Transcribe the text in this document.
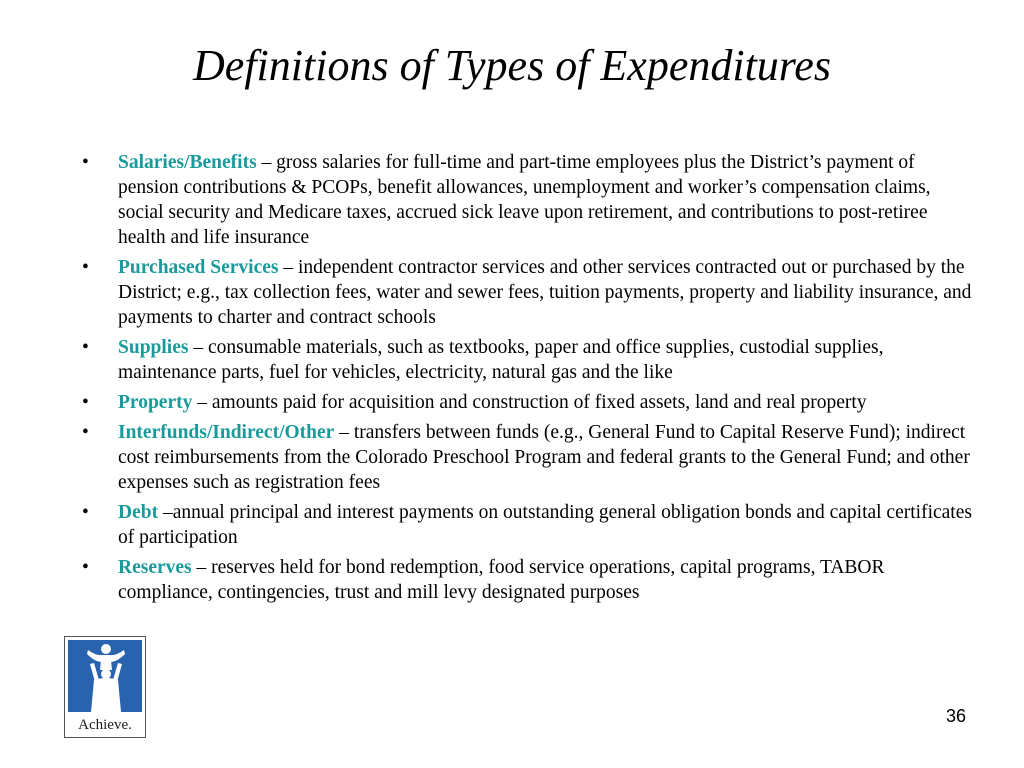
Definitions of Types of Expenditures
• Salaries/Benefits – gross salaries for full-time and part-time employees plus the District’s payment of pension contributions & PCOPs, benefit allowances, unemployment and worker’s compensation claims, social security and Medicare taxes, accrued sick leave upon retirement, and contributions to post-retiree health and life insurance
• Purchased Services – independent contractor services and other services contracted out or purchased by the District; e.g., tax collection fees, water and sewer fees, tuition payments, property and liability insurance, and payments to charter and contract schools
• Supplies – consumable materials, such as textbooks, paper and office supplies, custodial supplies, maintenance parts, fuel for vehicles, electricity, natural gas and the like
• Property – amounts paid for acquisition and construction of fixed assets, land and real property
• Interfunds/Indirect/Other – transfers between funds (e.g., General Fund to Capital Reserve Fund); indirect cost reimbursements from the Colorado Preschool Program and federal grants to the General Fund; and other expenses such as registration fees
• Debt –annual principal and interest payments on outstanding general obligation bonds and capital certificates of participation
• Reserves – reserves held for bond redemption, food service operations, capital programs, TABOR compliance, contingencies, trust and mill levy designated purposes
Achieve.	36
